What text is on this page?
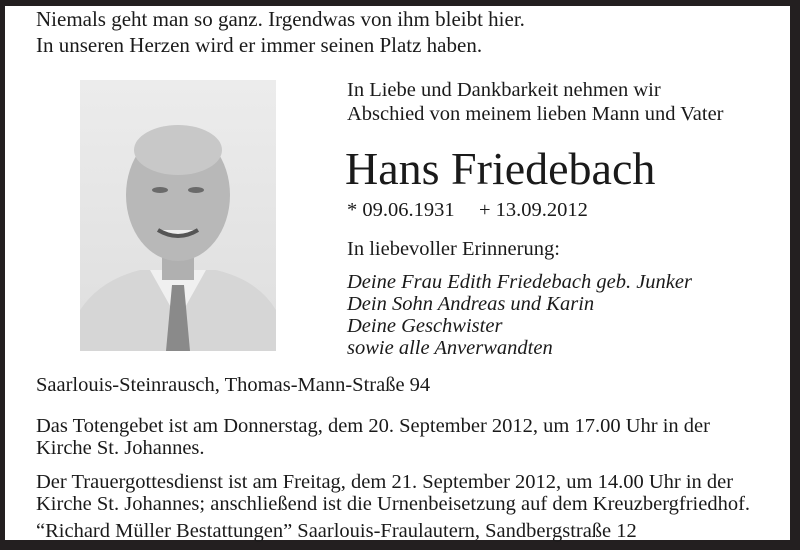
Niemals geht man so ganz. Irgendwas von ihm bleibt hier.
In unseren Herzen wird er immer seinen Platz haben.
In Liebe und Dankbarkeit nehmen wir
Abschied von meinem lieben Mann und Vater
Hans Friedebach
* 09.06.1931 + 13.09.2012
In liebevoller Erinnerung:
Deine Frau Edith Friedebach geb. Junker
Dein Sohn Andreas und Karin
Deine Geschwister
sowie alle Anverwandten
Saarlouis-Steinrausch, Thomas-Mann-Straße 94
Das Totengebet ist am Donnerstag, dem 20. September 2012, um 17.00 Uhr in der
Kirche St. Johannes.
Der Trauergottesdienst ist am Freitag, dem 21. September 2012, um 14.00 Uhr in der
Kirche St. Johannes; anschließend ist die Urnenbeisetzung auf dem Kreuzbergfriedhof.
“Richard Müller Bestattungen” Saarlouis-Fraulautern, Sandbergstraße 12
